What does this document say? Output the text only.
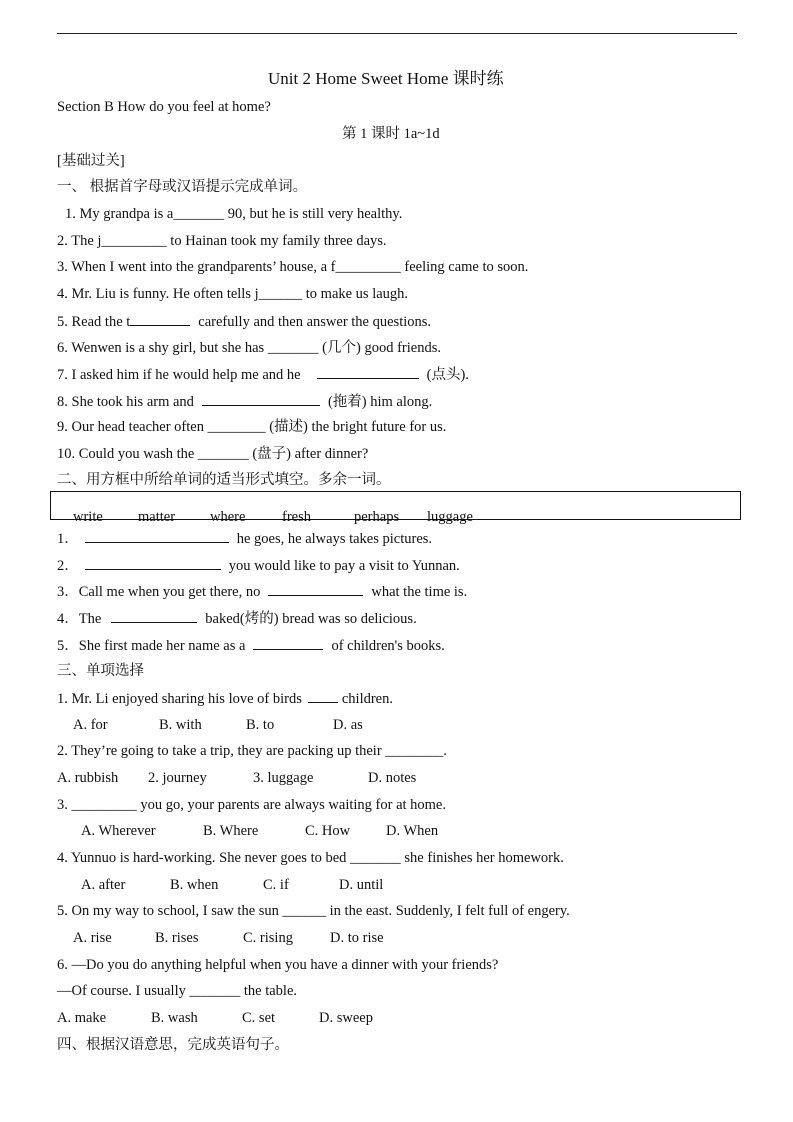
Unit 2 Home Sweet Home 课时练
Section B How do you feel at home?
第 1 课时 1a~1d
[基础过关]
一、 根据首字母或汉语提示完成单词。
1. My grandpa is a_______ 90, but he is still very healthy.
2. The j_________ to Hainan took my family three days.
3. When I went into the grandparents’ house, a f_________ feeling came to soon.
4. Mr. Liu is funny. He often tells j______ to make us laugh.
5. Read the t	carefully and then answer the questions.
6. Wenwen is a shy girl, but she has _______ (几个) good friends.
7. I asked him if he would help me and he	(点头).
8. She took his arm and	(拖着) him along.
9. Our head teacher often ________ (描述) the bright future for us.
10. Could you wash the _______ (盘子) after dinner?
二、用方框中所给单词的适当形式填空。多余一词。
write matter where	fresh	perhaps luggage
1．	he goes, he always takes pictures.
2．	you would like to pay a visit to Yunnan.
3．Call me when you get there, no	what the time is.
4．The	baked(烤的) bread was so delicious.
5．She first made her name as a	of children's books.
三、单项选择
1. Mr. Li enjoyed sharing his love of birds	children.
A. for	B. with	B. to	D. as
2. They’re going to take a trip, they are packing up their ________.
A. rubbish 2. journey	3. luggage	D. notes
3. _________ you go, your parents are always waiting for at home.
A. Wherever	B. Where	C. How D. When
4. Yunnuo is hard-working. She never goes to bed _______ she finishes her homework.
A. after	B. when	C. if	D. until
5. On my way to school, I saw the sun ______ in the east. Suddenly, I felt full of engery.
A. rise	B. rises	C. rising	D. to rise
6. —Do you do anything helpful when you have a dinner with your friends?
—Of course. I usually _______ the table.
A. make	B. wash	C. set	D. sweep
四、根据汉语意思，完成英语句子。
